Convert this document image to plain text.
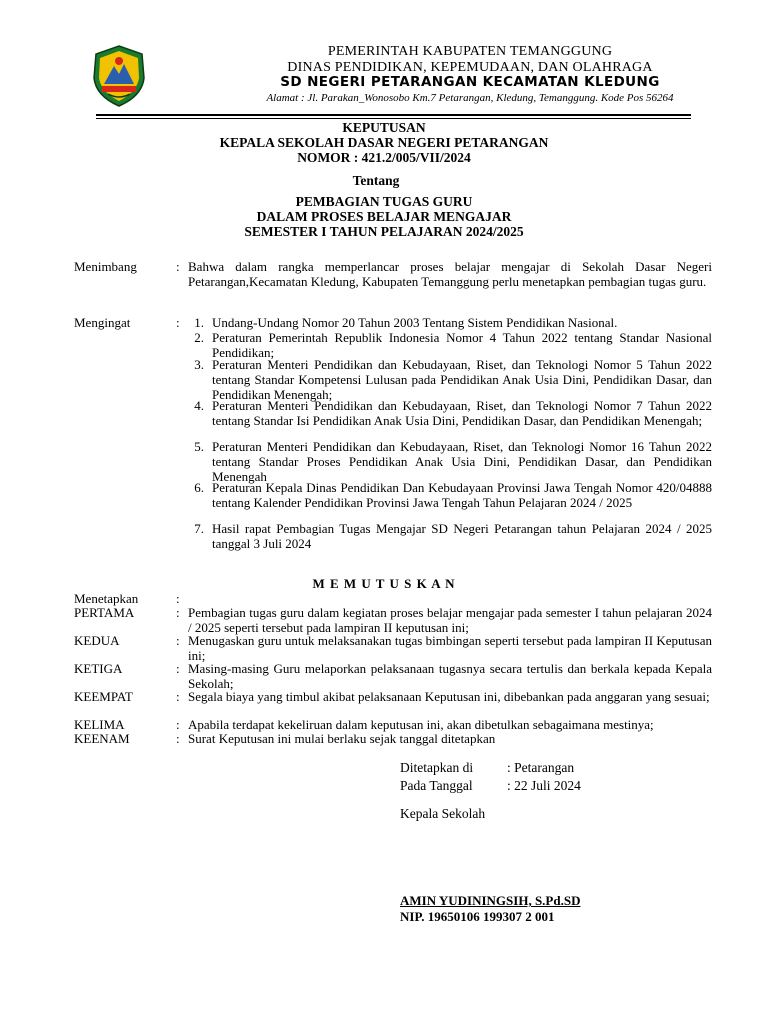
PEMERINTAH KABUPATEN TEMANGGUNG
DINAS PENDIDIKAN, KEPEMUDAAN, DAN OLAHRAGA
SD NEGERI PETARANGAN KECAMATAN KLEDUNG
Alamat : Jl. Parakan_Wonosobo Km.7 Petarangan, Kledung, Temanggung. Kode Pos 56264
KEPUTUSAN
KEPALA SEKOLAH DASAR NEGERI PETARANGAN
NOMOR : 421.2/005/VII/2024
Tentang
PEMBAGIAN TUGAS GURU
DALAM PROSES BELAJAR MENGAJAR
SEMESTER I TAHUN PELAJARAN 2024/2025
Menimbang	: Bahwa dalam rangka memperlancar proses belajar mengajar di Sekolah Dasar Negeri Petarangan,Kecamatan Kledung, Kabupaten Temanggung perlu menetapkan pembagian tugas guru.
Mengingat	:	1. Undang-Undang Nomor 20 Tahun 2003 Tentang Sistem Pendidikan Nasional.
2. Peraturan Pemerintah Republik Indonesia Nomor 4 Tahun 2022 tentang Standar Nasional Pendidikan;
3. Peraturan Menteri Pendidikan dan Kebudayaan, Riset, dan Teknologi Nomor 5 Tahun 2022 tentang Standar Kompetensi Lulusan pada Pendidikan Anak Usia Dini, Pendidikan Dasar, dan Pendidikan Menengah;
4. Peraturan Menteri Pendidikan dan Kebudayaan, Riset, dan Teknologi Nomor 7 Tahun 2022 tentang Standar Isi Pendidikan Anak Usia Dini, Pendidikan Dasar, dan Pendidikan Menengah;
5. Peraturan Menteri Pendidikan dan Kebudayaan, Riset, dan Teknologi Nomor 16 Tahun 2022 tentang Standar Proses Pendidikan Anak Usia Dini, Pendidikan Dasar, dan Pendidikan Menengah
6. Peraturan Kepala Dinas Pendidikan Dan Kebudayaan Provinsi Jawa Tengah Nomor 420/04888 tentang Kalender Pendidikan Provinsi Jawa Tengah Tahun Pelajaran 2024 / 2025
7. Hasil rapat Pembagian Tugas Mengajar SD Negeri Petarangan tahun Pelajaran 2024 / 2025 tanggal 3 Juli 2024
M E M U T U S K A N
Menetapkan	:
PERTAMA	: Pembagian tugas guru dalam kegiatan proses belajar mengajar pada semester I tahun pelajaran 2024 / 2025 seperti tersebut pada lampiran II keputusan ini;
KEDUA	: Menugaskan guru untuk melaksanakan tugas bimbingan seperti tersebut pada lampiran II Keputusan ini;
KETIGA	: Masing-masing Guru melaporkan pelaksanaan tugasnya secara tertulis dan berkala kepada Kepala Sekolah;
KEEMPAT	: Segala biaya yang timbul akibat pelaksanaan Keputusan ini, dibebankan pada anggaran yang sesuai;
KELIMA	: Apabila terdapat kekeliruan dalam keputusan ini, akan dibetulkan sebagaimana mestinya;
KEENAM	: Surat Keputusan ini mulai berlaku sejak tanggal ditetapkan
Ditetapkan di	: Petarangan
Pada Tanggal	: 22 Juli 2024
Kepala Sekolah
AMIN YUDININGSIH, S.Pd.SD
NIP. 19650106 199307 2 001
